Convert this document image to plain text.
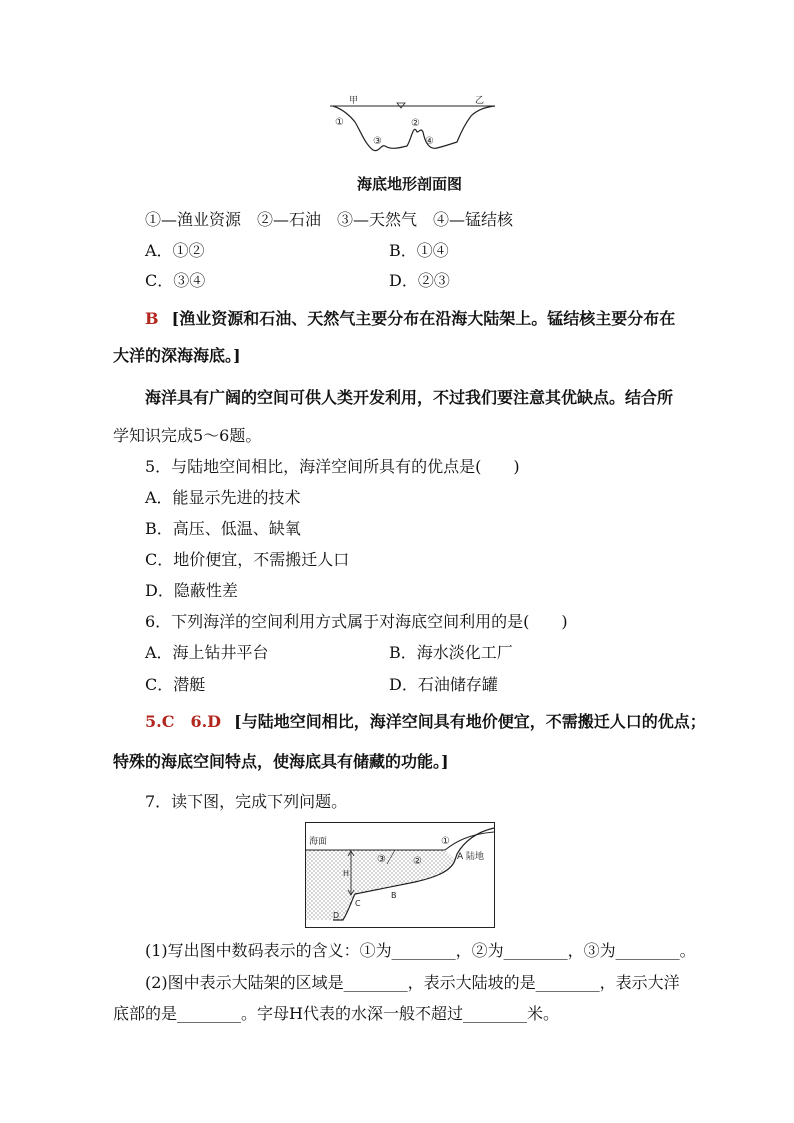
甲	乙
①	②
③	④
海底地形剖面图
①—渔业资源　②—石油　③—天然气　④—锰结核
A．①②	B．①④
C．③④	D．②③
B [渔业资源和石油、天然气主要分布在沿海大陆架上。锰结核主要分布在
大洋的深海海底。]
海洋具有广阔的空间可供人类开发利用，不过我们要注意其优缺点。结合所
学知识完成5～6题。
5．与陆地空间相比，海洋空间所具有的优点是(　　)
A．能显示先进的技术
B．高压、低温、缺氧
C．地价便宜，不需搬迁人口
D．隐蔽性差
6．下列海洋的空间利用方式属于对海底空间利用的是(　　)
A．海上钻井平台	B．海水淡化工厂
C．潜艇	D．石油储存罐
5.C　6.D [与陆地空间相比，海洋空间具有地价便宜，不需搬迁人口的优点；
特殊的海底空间特点，使海底具有储藏的功能。]
7．读下图，完成下列问题。
海面	①
③	②	A 陆地
H
B
C
D
(1)写出图中数码表示的含义：①为________，②为________，③为________。
(2)图中表示大陆架的区域是________，表示大陆坡的是________，表示大洋
底部的是________。字母H代表的水深一般不超过________米。
